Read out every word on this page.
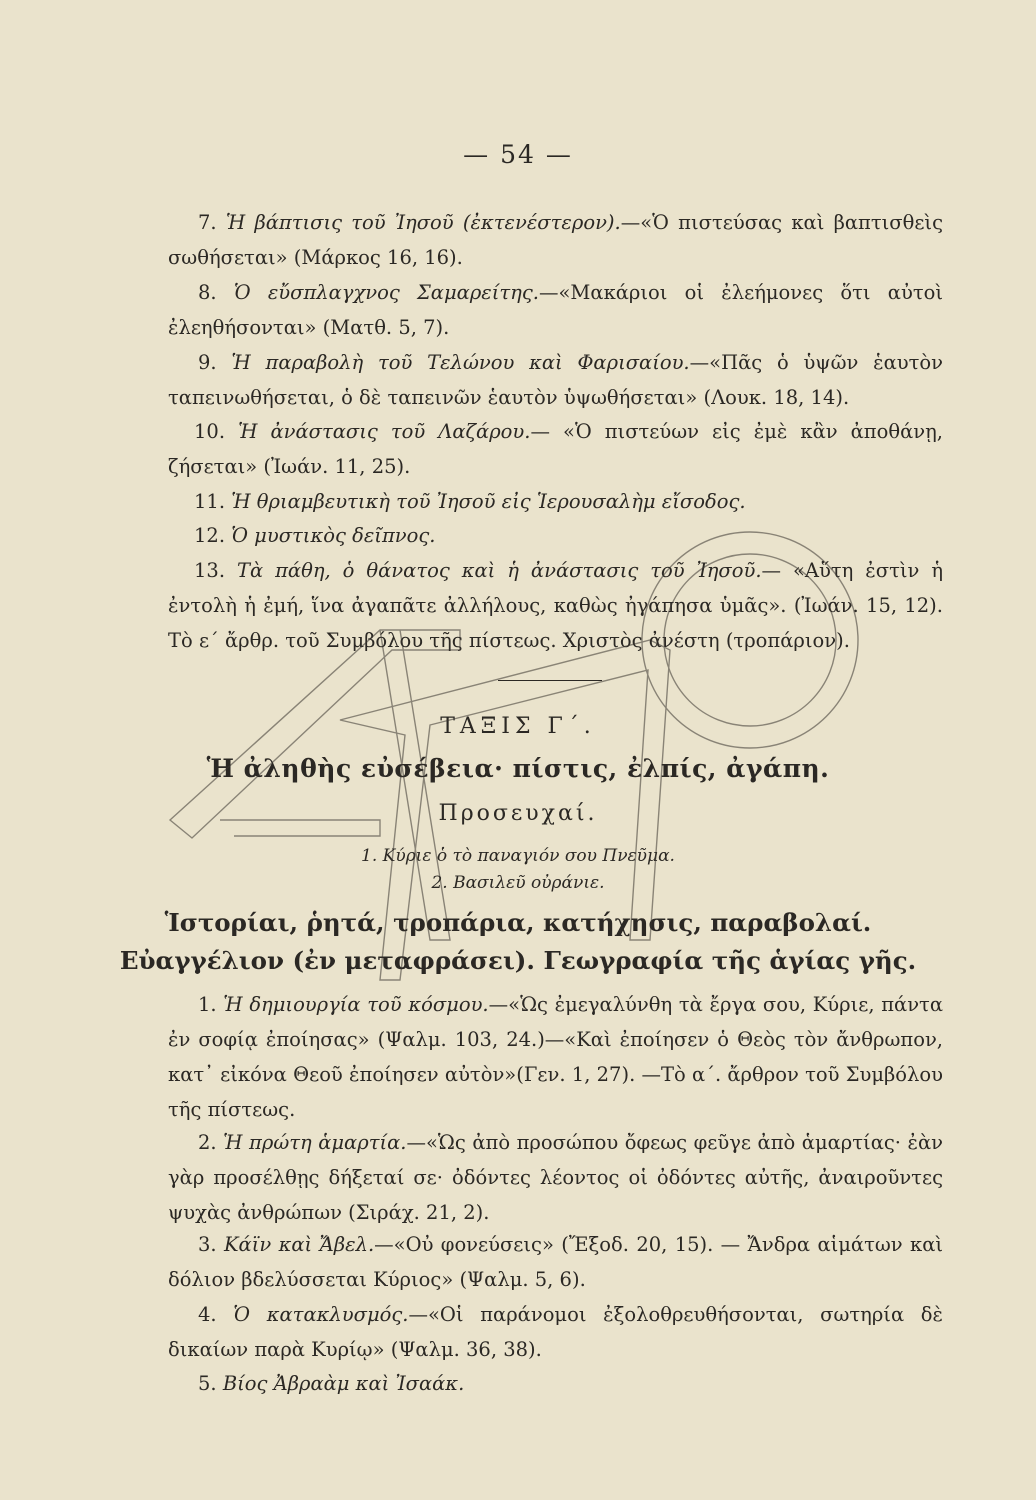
— 54 —
7. Ἡ βάπτισις τοῦ Ἰησοῦ (ἐκτενέστερον).—«Ὁ πιστεύσας καὶ βαπτισθεὶς σωθήσεται» (Μάρκος 16, 16).
8. Ὁ εὔσπλαγχνος Σαμαρείτης.—«Μακάριοι οἱ ἐλεήμονες ὅτι αὐτοὶ ἐλεηθήσονται» (Ματθ. 5, 7).
9. Ἡ παραβολὴ τοῦ Τελώνου καὶ Φαρισαίου.—«Πᾶς ὁ ὑψῶν ἑαυτὸν ταπεινωθήσεται, ὁ δὲ ταπεινῶν ἑαυτὸν ὑψωθήσεται» (Λουκ. 18, 14).
10. Ἡ ἀνάστασις τοῦ Λαζάρου.— «Ὁ πιστεύων εἰς ἐμὲ κἂν ἀποθάνῃ, ζήσεται» (Ἰωάν. 11, 25).
11. Ἡ θριαμβευτικὴ τοῦ Ἰησοῦ εἰς Ἱερουσαλὴμ εἴσοδος.
12. Ὁ μυστικὸς δεῖπνος.
13. Τὰ πάθη, ὁ θάνατος καὶ ἡ ἀνάστασις τοῦ Ἰησοῦ.— «Αὕτη ἐστὶν ἡ ἐντολὴ ἡ ἐμή, ἵνα ἀγαπᾶτε ἀλλήλους, καθὼς ἠγάπησα ὑμᾶς». (Ἰωάν. 15, 12). Τὸ ε΄ ἄρθρ. τοῦ Συμβόλου τῆς πίστεως. Χριστὸς ἀνέστη (τροπάριον).
ΤΑΞΙΣ Γ΄.
Ἡ ἀληθὴς εὐσέβεια· πίστις, ἐλπίς, ἀγάπη.
Προσευχαί.
1. Κύριε ὁ τὸ παναγιόν σου Πνεῦμα.
2. Βασιλεῦ οὐράνιε.
Ἱστορίαι, ῥητά, τροπάρια, κατήχησις, παραβολαί.
Εὐαγγέλιον (ἐν μεταφράσει). Γεωγραφία τῆς ἁγίας γῆς.
1. Ἡ δημιουργία τοῦ κόσμου.—«Ὡς ἐμεγαλύνθη τὰ ἔργα σου, Κύριε, πάντα ἐν σοφίᾳ ἐποίησας» (Ψαλμ. 103, 24.)—«Καὶ ἐποίησεν ὁ Θεὸς τὸν ἄνθρωπον, κατ᾽ εἰκόνα Θεοῦ ἐποίησεν αὐτὸν»(Γεν. 1, 27). —Τὸ α΄. ἄρθρον τοῦ Συμβόλου τῆς πίστεως.
2. Ἡ πρώτη ἁμαρτία.—«Ὡς ἀπὸ προσώπου ὄφεως φεῦγε ἀπὸ ἁμαρτίας· ἐὰν γὰρ προσέλθῃς δήξεταί σε· ὀδόντες λέοντος οἱ ὀδόντες αὐτῆς, ἀναιροῦντες ψυχὰς ἀνθρώπων (Σιράχ. 21, 2).
3. Κάϊν καὶ Ἄβελ.—«Οὐ φονεύσεις» (Ἔξοδ. 20, 15). — Ἄνδρα αἱμάτων καὶ δόλιον βδελύσσεται Κύριος» (Ψαλμ. 5, 6).
4. Ὁ κατακλυσμός.—«Οἱ παράνομοι ἐξολοθρευθήσονται, σωτηρία δὲ δικαίων παρὰ Κυρίῳ» (Ψαλμ. 36, 38).
5. Βίος Ἀβραὰμ καὶ Ἰσαάκ.
